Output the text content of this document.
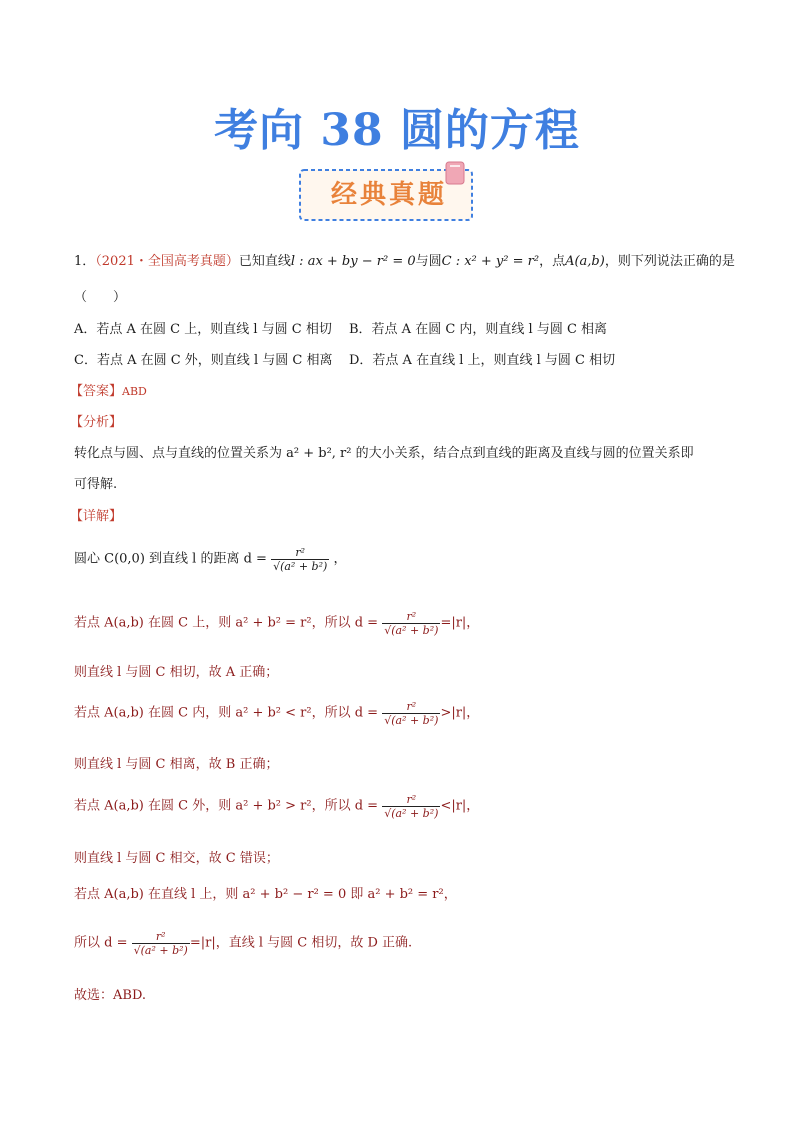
考向 38 圆的方程
经典真题
1．（2021・全国高考真题）已知直线l : ax + by − r² = 0与圆C : x² + y² = r²，点A(a,b)，则下列说法正确的是
（　　）
A．若点 A 在圆 C 上，则直线 l 与圆 C 相切 B．若点 A 在圆 C 内，则直线 l 与圆 C 相离
C．若点 A 在圆 C 外，则直线 l 与圆 C 相离 D．若点 A 在直线 l 上，则直线 l 与圆 C 相切
【答案】ABD
【分析】
转化点与圆、点与直线的位置关系为 a² + b², r² 的大小关系，结合点到直线的距离及直线与圆的位置关系即
可得解.
【详解】
圆心 C(0,0) 到直线 l 的距离 $d = \frac{\text{r²}}{\text{√(a² + b²)}}$ ，
若点 A(a,b) 在圆 C 上，则 a² + b² = r²，所以 $d = \frac{\text{r²}}{\text{√(a² + b²)}} =|r|$，
则直线 l 与圆 C 相切，故 A 正确；
若点 A(a,b) 在圆 C 内，则 a² + b² < r²，所以 $d = \frac{\text{r²}}{\text{√(a² + b²)}} >|r|$，
则直线 l 与圆 C 相离，故 B 正确；
若点 A(a,b) 在圆 C 外，则 a² + b² > r²，所以 $d = \frac{\text{r²}}{\text{√(a² + b²)}} <|r|$，
则直线 l 与圆 C 相交，故 C 错误；
若点 A(a,b) 在直线 l 上，则 a² + b² − r² = 0 即 a² + b² = r²，
所以 $d = \frac{\text{r²}}{\text{√(a² + b²)}} =|r|$，直线 l 与圆 C 相切，故 D 正确.
故选：ABD.
